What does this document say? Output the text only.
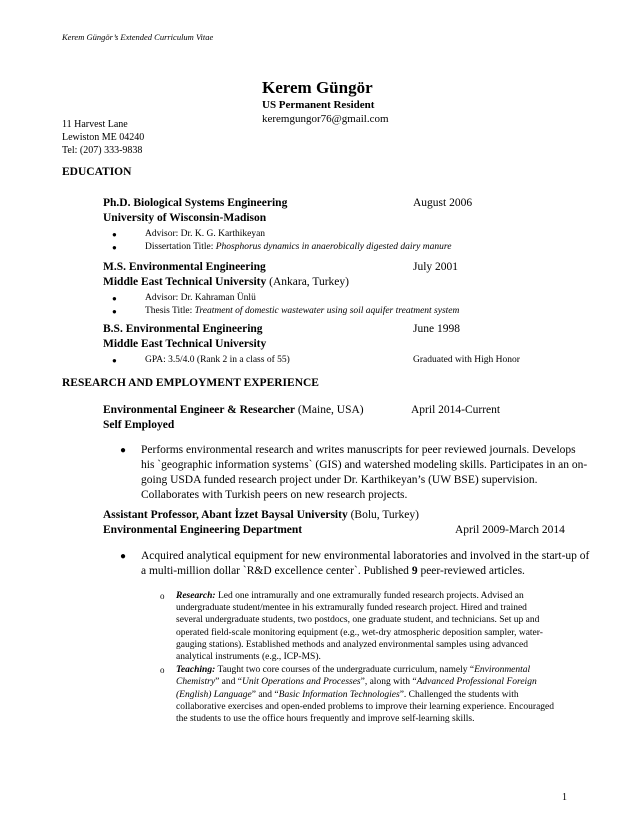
Kerem Güngör’s Extended Curriculum Vitae
Kerem Güngör
US Permanent Resident
keremgungor76@gmail.com
11 Harvest Lane
Lewiston ME 04240
Tel: (207) 333-9838
EDUCATION
Ph.D. Biological Systems Engineering	August 2006
University of Wisconsin-Madison
●	Advisor: Dr. K. G. Karthikeyan
●	Dissertation Title: Phosphorus dynamics in anaerobically digested dairy manure
M.S. Environmental Engineering	July 2001
Middle East Technical University (Ankara, Turkey)
●	Advisor: Dr. Kahraman Ünlü
●	Thesis Title: Treatment of domestic wastewater using soil aquifer treatment system
B.S. Environmental Engineering	June 1998
Middle East Technical University
●	GPA: 3.5/4.0 (Rank 2 in a class of 55)	Graduated with High Honor
RESEARCH AND EMPLOYMENT EXPERIENCE
Environmental Engineer & Researcher (Maine, USA)	April 2014-Current
Self Employed
● Performs environmental research and writes manuscripts for peer reviewed journals. Develops his `geographic information systems` (GIS) and watershed modeling skills. Participates in an on-going USDA funded research project under Dr. Karthikeyan’s (UW BSE) supervision. Collaborates with Turkish peers on new research projects.
Assistant Professor, Abant İzzet Baysal University (Bolu, Turkey)
Environmental Engineering Department	April 2009-March 2014
● Acquired analytical equipment for new environmental laboratories and involved in the start-up of a multi-million dollar `R&D excellence center`. Published 9 peer-reviewed articles.
o Research: Led one intramurally and one extramurally funded research projects. Advised an undergraduate student/mentee in his extramurally funded research project. Hired and trained several undergraduate students, two postdocs, one graduate student, and technicians. Set up and operated field-scale monitoring equipment (e.g., wet-dry atmospheric deposition sampler, water-gauging stations). Established methods and analyzed environmental samples using advanced analytical instruments (e.g., ICP-MS).
o Teaching: Taught two core courses of the undergraduate curriculum, namely “Environmental Chemistry” and “Unit Operations and Processes”, along with “Advanced Professional Foreign (English) Language” and “Basic Information Technologies”. Challenged the students with collaborative exercises and open-ended problems to improve their learning experience. Encouraged the students to use the office hours frequently and improve self-learning skills.
1
